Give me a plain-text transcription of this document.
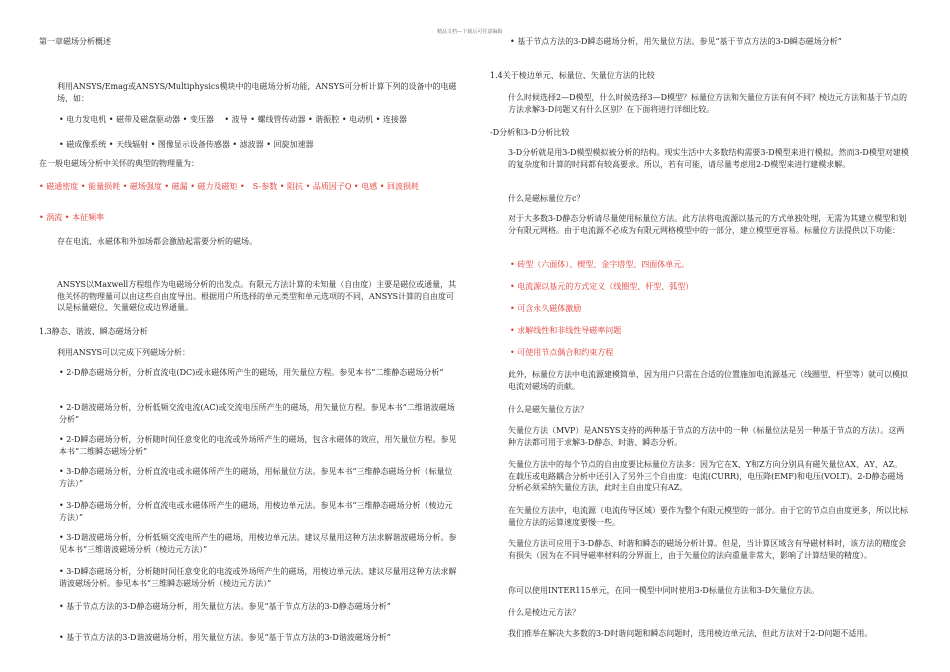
精品文档---下载后可任意编辑

第一章磁场分析概述

利用ANSYS/Emag或ANSYS/Multiphysics模块中的电磁场分析功能，ANSYS可分析计算下列的设备中的电磁场，如：

• 电力发电机 • 磁带及磁盘驱动器 • 变压器　 • 波导 • 螺线管传动器 • 谐振腔 • 电动机 • 连接器

• 磁成像系统 • 天线辐射 • 图像显示设备传感器 • 滤波器 • 回旋加速器

在一般电磁场分析中关怀的典型的物理量为：

• 磁通密度 • 能量损耗 • 磁场强度 • 磁漏 • 磁力及磁矩 •　S-参数 • 阻抗 • 品质因子Q • 电感 • 回波损耗

• 涡流 • 本征频率

存在电流、永磁体和外加场都会激励起需要分析的磁场。

ANSYS以Maxwell方程组作为电磁场分析的出发点。有限元方法计算的未知量（自由度）主要是磁位或通量，其他关怀的物理量可以由这些自由度导出。根据用户所选择的单元类型和单元选项的不同，ANSYS计算的自由度可以是标量磁位、矢量磁位或边界通量。

1.3静态、谐波、瞬态磁场分析

利用ANSYS可以完成下列磁场分析：

• 2-D静态磁场分析，分析直流电(DC)或永磁体所产生的磁场，用矢量位方程。参见本书“二维静态磁场分析”

• 2-D谐波磁场分析，分析低频交流电流(AC)或交流电压所产生的磁场，用矢量位方程。参见本书“二维谐波磁场分析”

• 2-D瞬态磁场分析，分析随时间任意变化的电流或外场所产生的磁场，包含永磁体的效应，用矢量位方程。参见本书“二维瞬态磁场分析”

• 3-D静态磁场分析，分析直流电或永磁体所产生的磁场，用标量位方法。参见本书“三维静态磁场分析（标量位方法）”

• 3-D静态磁场分析，分析直流电或永磁体所产生的磁场，用棱边单元法。参见本书“三维静态磁场分析（棱边元方法）”

• 3-D谐波磁场分析，分析低频交流电所产生的磁场，用棱边单元法。建议尽量用这种方法求解谐波磁场分析。参见本书“三维谐波磁场分析（棱边元方法）”

• 3-D瞬态磁场分析，分析随时间任意变化的电流或外场所产生的磁场，用棱边单元法。建议尽量用这种方法求解谐波磁场分析。参见本书“三维瞬态磁场分析（棱边元方法）”

• 基于节点方法的3-D静态磁场分析，用矢量位方法。参见“基于节点方法的3-D静态磁场分析”

• 基于节点方法的3-D谐波磁场分析，用矢量位方法。参见“基于节点方法的3-D谐波磁场分析”

• 基于节点方法的3-D瞬态磁场分析，用矢量位方法。参见“基于节点方法的3-D瞬态磁场分析”

1.4关于棱边单元、标量位、矢量位方法的比较

什么时候选择2—D模型，什么时候选择3—D模型？标量位方法和矢量位方法有何不同？棱边元方法和基于节点的方法求解3-D问题又有什么区别？在下面将进行详细比较。

-D分析和3-D分析比较

3-D分析就是用3-D模型模拟被分析的结构。现实生活中大多数结构需要3-D模型来进行模拟。然而3-D模型对建模的复杂度和计算的时间都有较高要求。所以，若有可能，请尽量考虑用2-D模型来进行建模求解。

什么是磁标量位方c？

对于大多数3-D静态分析请尽量使用标量位方法。此方法将电流源以基元的方式单独处理，无需为其建立模型和划分有限元网格。由于电流源不必成为有限元网格模型中的一部分，建立模型更容易。标量位方法提供以下功能：

• 砖型（六面体）、楔型、金字塔型、四面体单元。

• 电流源以基元的方式定义（线圈型、杆型、弧型）

• 可含永久磁体激励

• 求解线性和非线性导磁率问题

• 可使用节点偶合和约束方程

此外，标量位方法中电流源建模简单，因为用户只需在合适的位置施加电流源基元（线圈型、杆型等）就可以模拟电流对磁场的贡献。

什么是磁矢量位方法？

矢量位方法（MVP）是ANSYS支持的两种基于节点的方法中的一种（标量位法是另一种基于节点的方法）。这两种方法都可用于求解3-D静态、时谐、瞬态分析。

矢量位方法中的每个节点的自由度要比标量位方法多：因为它在X、Y和Z方向分别具有磁矢量位AX、AY、AZ。在载压或电路耦合分析中还引入了另外三个自由度：电流(CURR)，电压降(EMF)和电压(VOLT)。2-D静态磁场分析必须采纳矢量位方法，此时主自由度只有AZ。

在矢量位方法中，电流源（电流传导区域）要作为整个有限元模型的一部分。由于它的节点自由度更多，所以比标量位方法的运算速度要慢一些。

矢量位方法可应用于3-D静态、时谐和瞬态的磁场分析计算。但是，当计算区域含有导磁材料时，该方法的精度会有损失（因为在不同导磁率材料的分界面上，由于矢量位的法向重量非常大，影响了计算结果的精度）。

你可以使用INTER115单元，在同一模型中同时使用3-D标量位方法和3-D矢量位方法。

什么是棱边元方法？

我们推举在解决大多数的3-D时谐问题和瞬态问题时，选用棱边单元法，但此方法对于2-D问题不适用。
